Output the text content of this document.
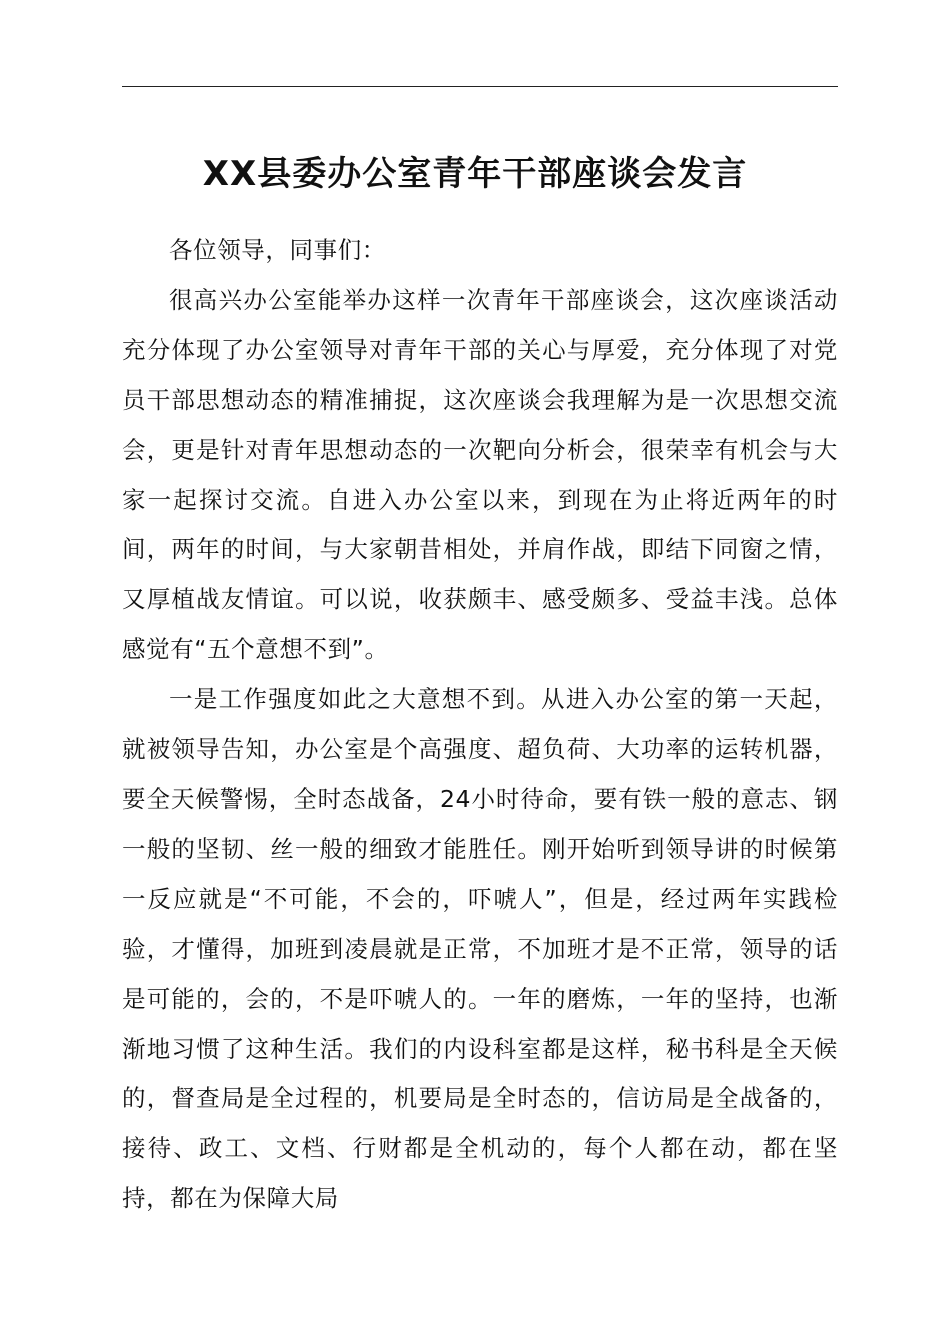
XX县委办公室青年干部座谈会发言

各位领导，同事们：

很高兴办公室能举办这样一次青年干部座谈会，这次座谈活动充分体现了办公室领导对青年干部的关心与厚爱，充分体现了对党员干部思想动态的精准捕捉，这次座谈会我理解为是一次思想交流会，更是针对青年思想动态的一次靶向分析会，很荣幸有机会与大家一起探讨交流。自进入办公室以来，到现在为止将近两年的时间，两年的时间，与大家朝昔相处，并肩作战，即结下同窗之情，又厚植战友情谊。可以说，收获颇丰、感受颇多、受益丰浅。总体感觉有“五个意想不到”。

一是工作强度如此之大意想不到。从进入办公室的第一天起，就被领导告知，办公室是个高强度、超负荷、大功率的运转机器，要全天候警惕，全时态战备，24小时待命，要有铁一般的意志、钢一般的坚韧、丝一般的细致才能胜任。刚开始听到领导讲的时候第一反应就是“不可能，不会的，吓唬人”，但是，经过两年实践检验，才懂得，加班到凌晨就是正常，不加班才是不正常，领导的话是可能的，会的，不是吓唬人的。一年的磨炼，一年的坚持，也渐渐地习惯了这种生活。我们的内设科室都是这样，秘书科是全天候的，督查局是全过程的，机要局是全时态的，信访局是全战备的，接待、政工、文档、行财都是全机动的，每个人都在动，都在坚持，都在为保障大局
